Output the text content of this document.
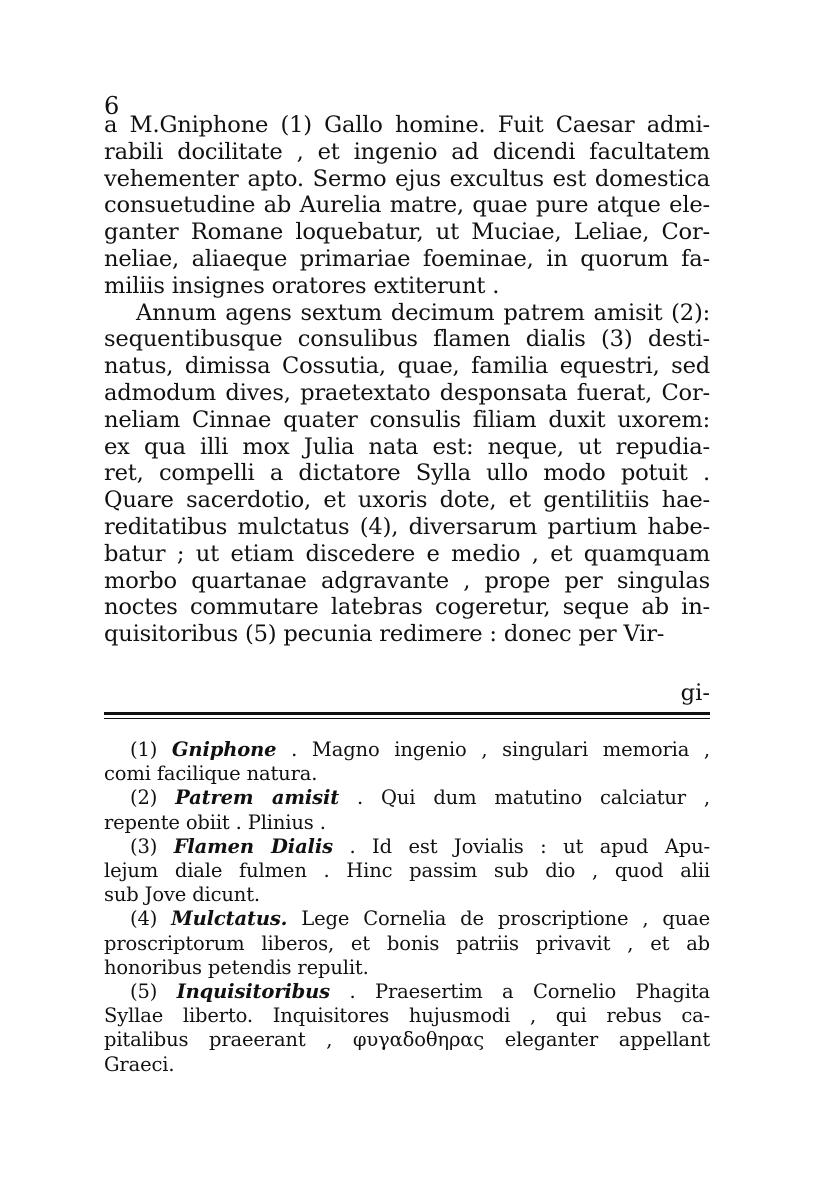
6
a M.Gniphone (1) Gallo homine. Fuit Caesar admi-
rabili docilitate , et ingenio ad dicendi facultatem
vehementer apto. Sermo ejus excultus est domestica
consuetudine ab Aurelia matre, quae pure atque ele-
ganter Romane loquebatur, ut Muciae, Leliae, Cor-
neliae, aliaeque primariae foeminae, in quorum fa-
miliis insignes oratores extiterunt .
Annum agens sextum decimum patrem amisit (2):
sequentibusque consulibus flamen dialis (3) desti-
natus, dimissa Cossutia, quae, familia equestri, sed
admodum dives, praetextato desponsata fuerat, Cor-
neliam Cinnae quater consulis filiam duxit uxorem:
ex qua illi mox Julia nata est: neque, ut repudia-
ret, compelli a dictatore Sylla ullo modo potuit .
Quare sacerdotio, et uxoris dote, et gentilitiis hae-
reditatibus mulctatus (4), diversarum partium habe-
batur ; ut etiam discedere e medio , et quamquam
morbo quartanae adgravante , prope per singulas
noctes commutare latebras cogeretur, seque ab in-
quisitoribus (5) pecunia redimere : donec per Vir-
gi-
(1) Gniphone . Magno ingenio , singulari memoria ,
comi facilique natura.
(2) Patrem amisit . Qui dum matutino calciatur ,
repente obiit . Plinius .
(3) Flamen Dialis . Id est Jovialis : ut apud Apu-
lejum diale fulmen . Hinc passim sub dio , quod alii
sub Jove dicunt.
(4) Mulctatus. Lege Cornelia de proscriptione , quae
proscriptorum liberos, et bonis patriis privavit , et ab
honoribus petendis repulit.
(5) Inquisitoribus . Praesertim a Cornelio Phagita
Syllae liberto. Inquisitores hujusmodi , qui rebus ca-
pitalibus praeerant , φυγαδοθηρας eleganter appellant
Graeci.
